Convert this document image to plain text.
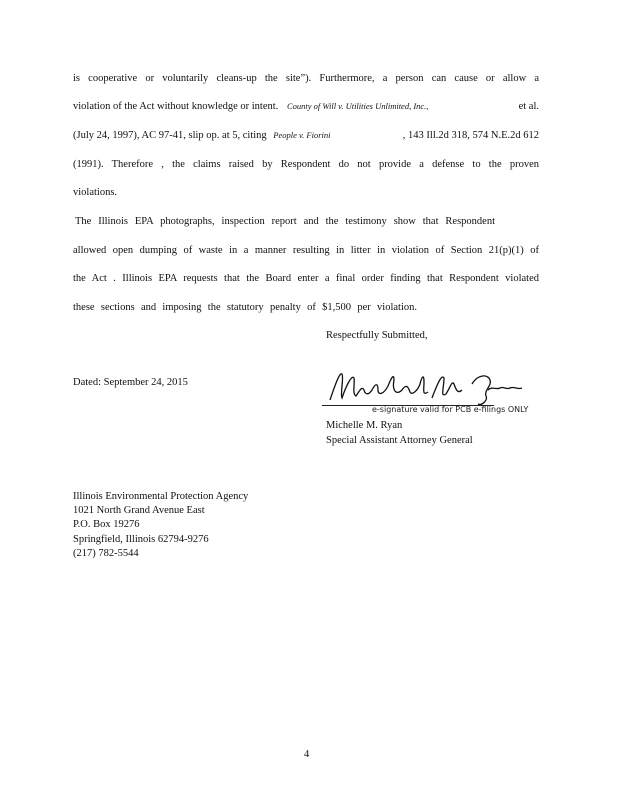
is cooperative or voluntarily cleans-up the site”). Furthermore, a person can cause or allow a
violation of the Act without knowledge or intent. County of Will v. Utilities Unlimited, Inc.,	et al.
(July 24, 1997), AC 97-41, slip op. at 5, citing People v. Fiorini	, 143 Ill.2d 318, 574 N.E.2d 612
(1991). Therefore , the claims raised by Respondent do not provide a defense to the proven
violations.
The Illinois EPA photographs, inspection report and the testimony show that Respondent
allowed open dumping of waste in a manner resulting in litter in violation of Section 21(p)(1) of
the Act . Illinois EPA requests that the Board enter a final order finding that Respondent violated
these sections and imposing the statutory penalty of $1,500 per violation.
Respectfully Submitted,
Dated: September 24, 2015
e-signature valid for PCB e-filings ONLY
Michelle M. Ryan
Special Assistant Attorney General
Illinois Environmental Protection Agency
1021 North Grand Avenue East
P.O. Box 19276
Springfield, Illinois 62794-9276
(217) 782-5544
4
